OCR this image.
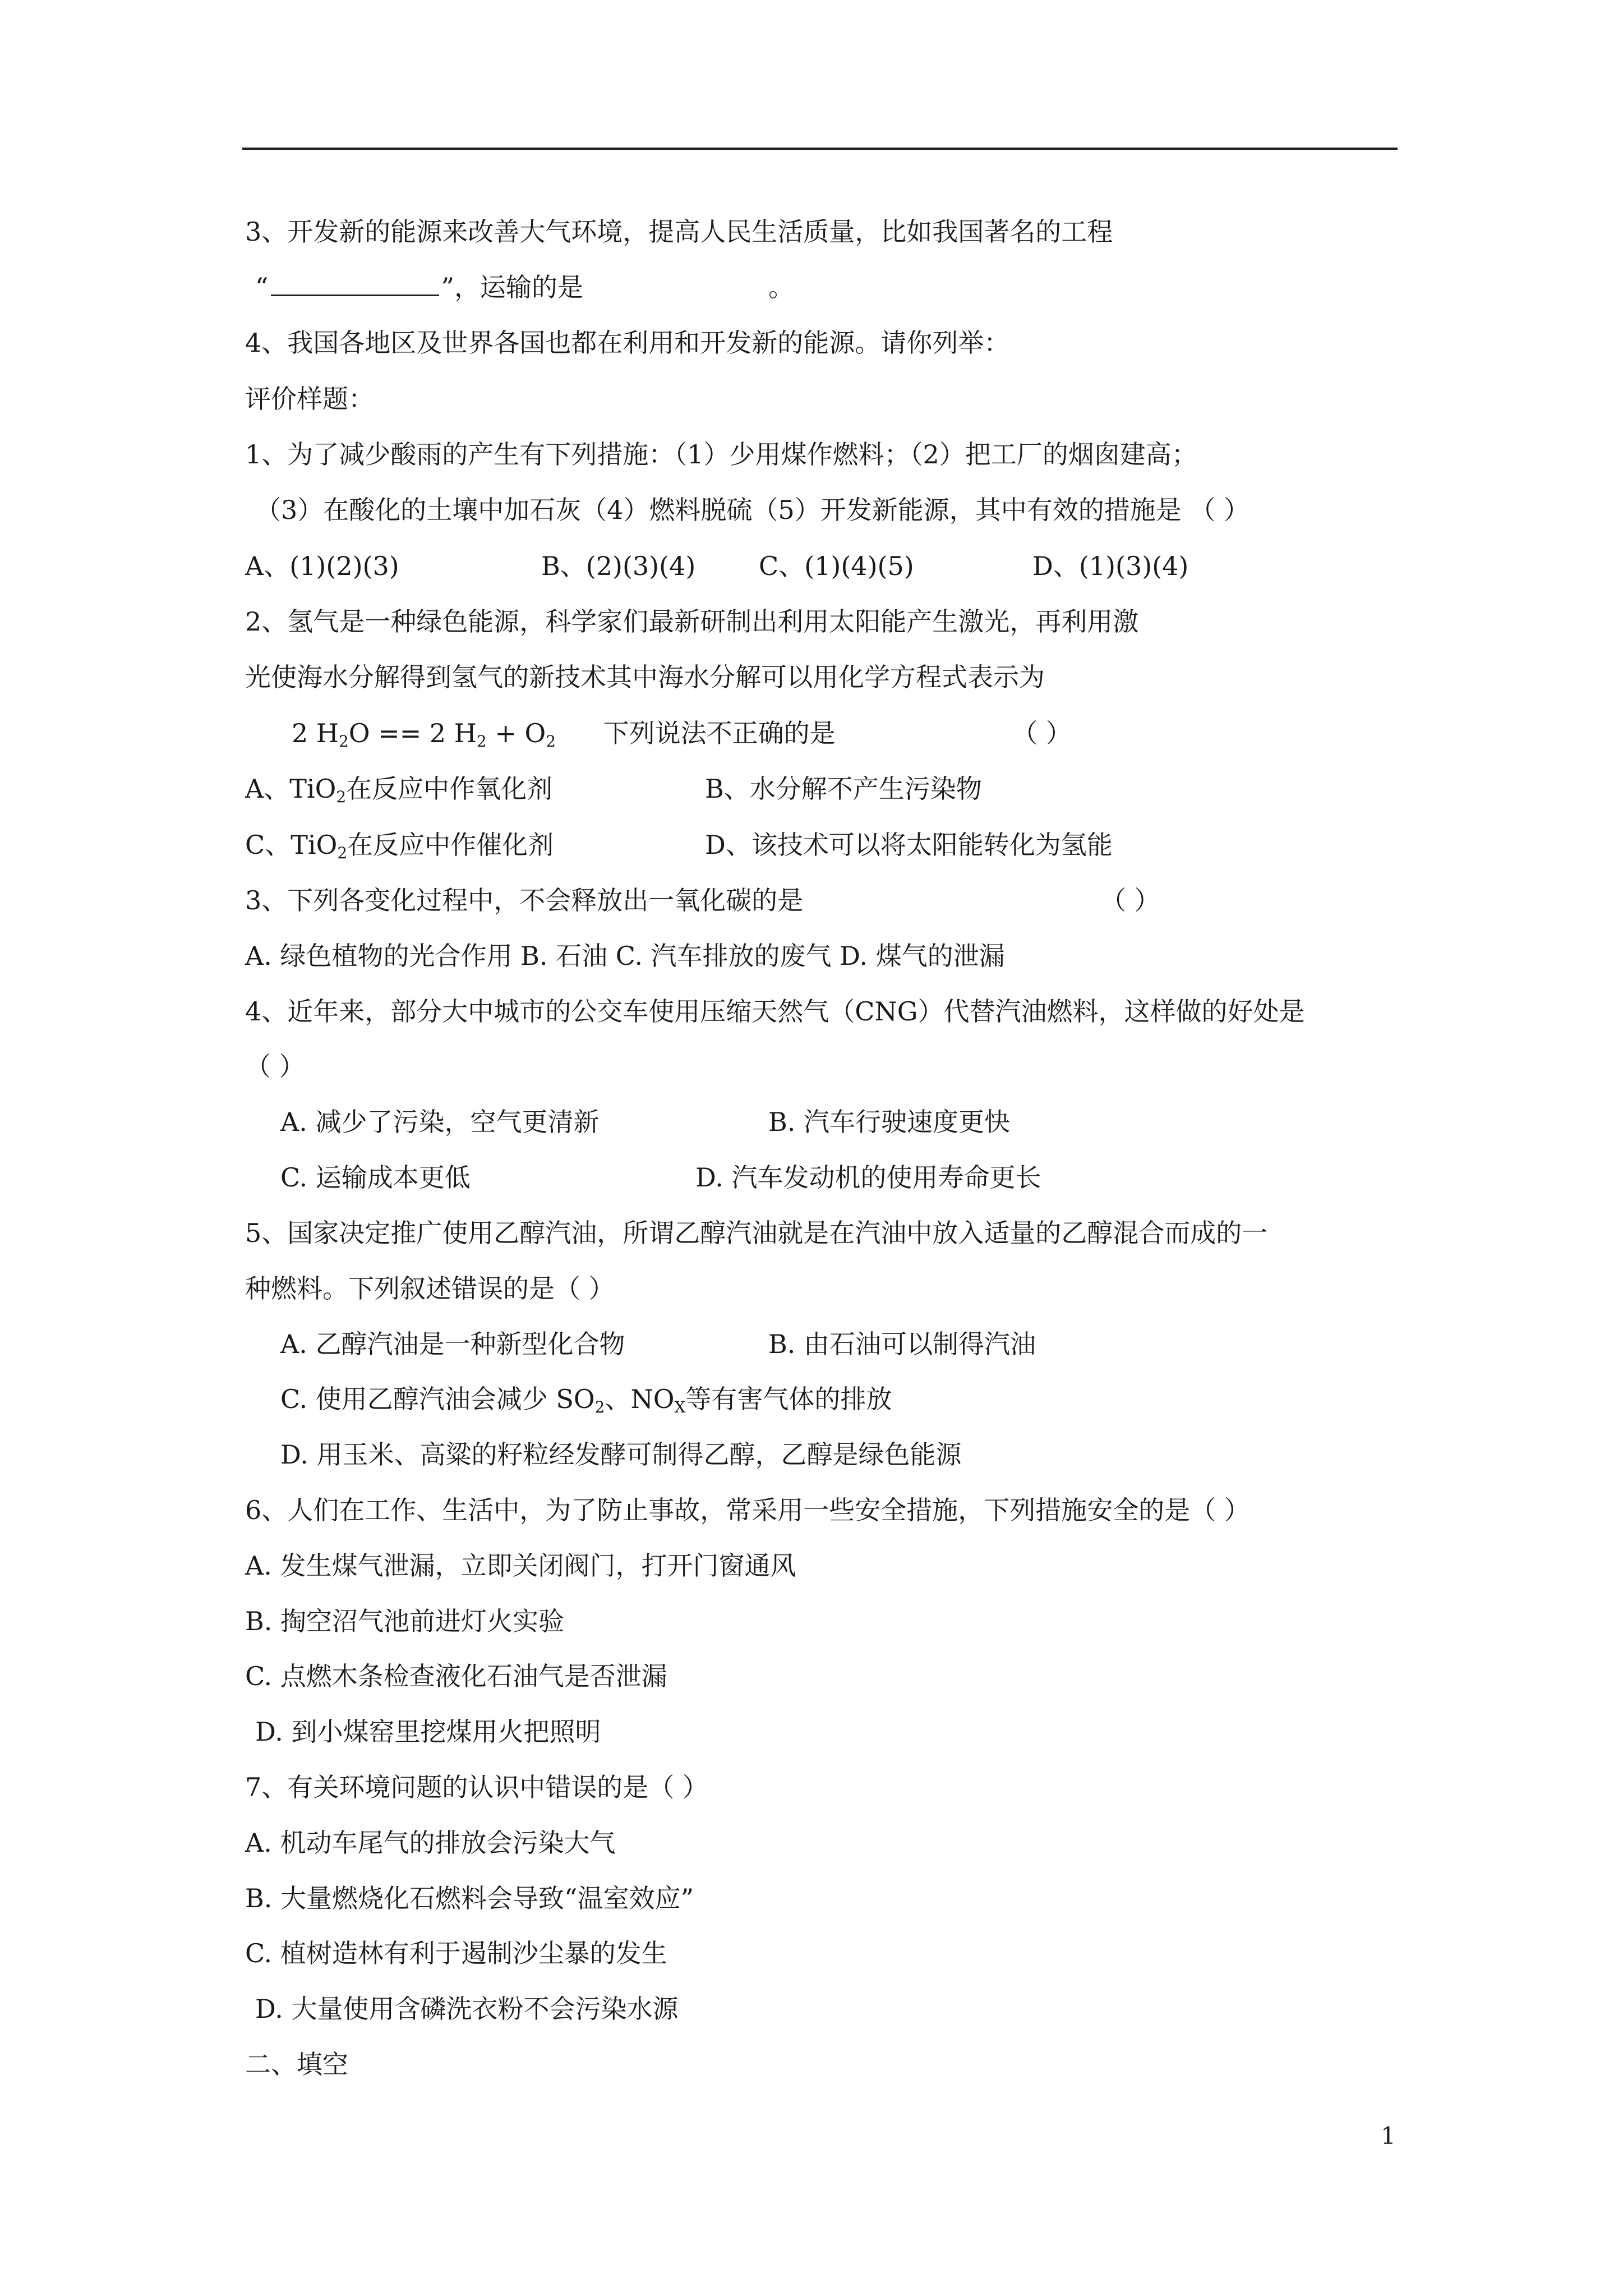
3、开发新的能源来改善大气环境，提高人民生活质量，比如我国著名的工程
“	”，运输的是	。
4、我国各地区及世界各国也都在利用和开发新的能源。请你列举：
评价样题：
1、为了减少酸雨的产生有下列措施：（1）少用煤作燃料；（2）把工厂的烟囱建高；
（3）在酸化的土壤中加石灰（4）燃料脱硫（5）开发新能源，其中有效的措施是 （ ）
A、(1)(2)(3)	B、(2)(3)(4) C、(1)(4)(5)	D、(1)(3)(4)
2、氢气是一种绿色能源，科学家们最新研制出利用太阳能产生激光，再利用激
光使海水分解得到氢气的新技术其中海水分解可以用化学方程式表示为
2 $H_2O == 2$ $H_2 + O_2$ 下列说法不正确的是	（ ）
A、TiO$_2$在反应中作氧化剂	B、水分解不产生污染物
C、TiO$_2$在反应中作催化剂	D、该技术可以将太阳能转化为氢能
3、下列各变化过程中，不会释放出一氧化碳的是	（ ）
A. 绿色植物的光合作用 B. 石油 C. 汽车排放的废气 D. 煤气的泄漏
4、近年来，部分大中城市的公交车使用压缩天然气（CNG）代替汽油燃料，这样做的好处是
（ ）
A. 减少了污染，空气更清新	B. 汽车行驶速度更快
C. 运输成本更低	D. 汽车发动机的使用寿命更长
5、国家决定推广使用乙醇汽油，所谓乙醇汽油就是在汽油中放入适量的乙醇混合而成的一
种燃料。下列叙述错误的是（ ）
A. 乙醇汽油是一种新型化合物	B. 由石油可以制得汽油
C. 使用乙醇汽油会减少 $SO_2$、$NO_X$等有害气体的排放
D. 用玉米、高粱的籽粒经发酵可制得乙醇，乙醇是绿色能源
6、人们在工作、生活中，为了防止事故，常采用一些安全措施，下列措施安全的是（ ）
A. 发生煤气泄漏，立即关闭阀门，打开门窗通风
B. 掏空沼气池前进灯火实验
C. 点燃木条检查液化石油气是否泄漏
D. 到小煤窑里挖煤用火把照明
7、有关环境问题的认识中错误的是（ ）
A. 机动车尾气的排放会污染大气
B. 大量燃烧化石燃料会导致“温室效应”
C. 植树造林有利于遏制沙尘暴的发生
D. 大量使用含磷洗衣粉不会污染水源
二、填空
1
